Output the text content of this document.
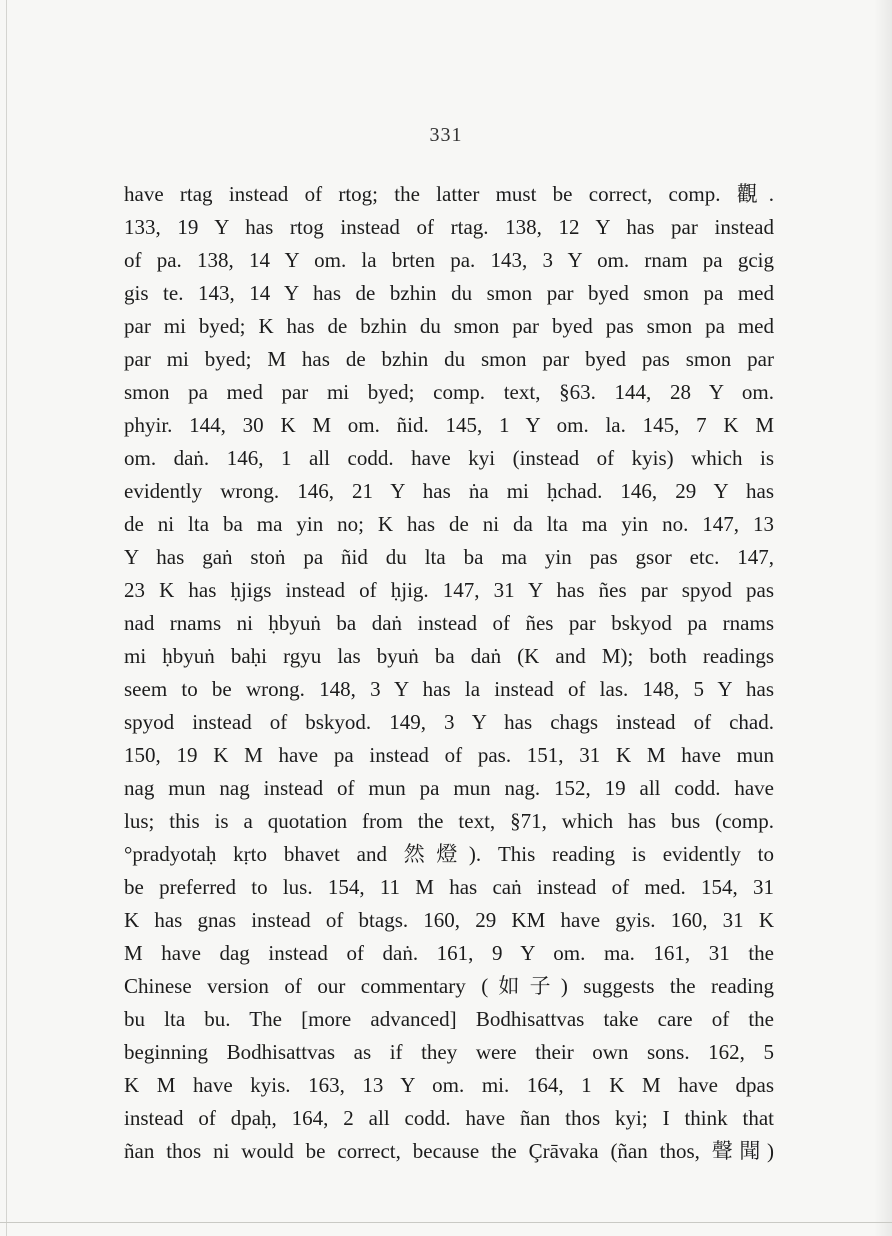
331
have rtag instead of rtog; the latter must be correct, comp. 觀.
133, 19 Y has rtog instead of rtag. 138, 12 Y has par instead
of pa. 138, 14 Y om. la brten pa. 143, 3 Y om. rnam pa gcig
gis te. 143, 14 Y has de bzhin du smon par byed smon pa med
par mi byed; K has de bzhin du smon par byed pas smon pa med
par mi byed; M has de bzhin du smon par byed pas smon par
smon pa med par mi byed; comp. text, §63. 144, 28 Y om.
phyir. 144, 30 K M om. ñid. 145, 1 Y om. la. 145, 7 K M
om. daṅ. 146, 1 all codd. have kyi (instead of kyis) which is
evidently wrong. 146, 21 Y has ṅa mi ḥchad. 146, 29 Y has
de ni lta ba ma yin no; K has de ni da lta ma yin no. 147, 13
Y has gaṅ stoṅ pa ñid du lta ba ma yin pas gsor etc. 147,
23 K has ḥjigs instead of ḥjig. 147, 31 Y has ñes par spyod pas
nad rnams ni ḥbyuṅ ba daṅ instead of ñes par bskyod pa rnams
mi ḥbyuṅ baḥi rgyu las byuṅ ba daṅ (K and M); both readings
seem to be wrong. 148, 3 Y has la instead of las. 148, 5 Y has
spyod instead of bskyod. 149, 3 Y has chags instead of chad.
150, 19 K M have pa instead of pas. 151, 31 K M have mun
nag mun nag instead of mun pa mun nag. 152, 19 all codd. have
lus; this is a quotation from the text, §71, which has bus (comp.
°pradyotaḥ kṛto bhavet and 然燈). This reading is evidently to
be preferred to lus. 154, 11 M has caṅ instead of med. 154, 31
K has gnas instead of btags. 160, 29 KM have gyis. 160, 31 K
M have dag instead of daṅ. 161, 9 Y om. ma. 161, 31 the
Chinese version of our commentary (如子) suggests the reading
bu lta bu. The [more advanced] Bodhisattvas take care of the
beginning Bodhisattvas as if they were their own sons. 162, 5
K M have kyis. 163, 13 Y om. mi. 164, 1 K M have dpas
instead of dpaḥ, 164, 2 all codd. have ñan thos kyi; I think that
ñan thos ni would be correct, because the Çrāvaka (ñan thos, 聲聞)
